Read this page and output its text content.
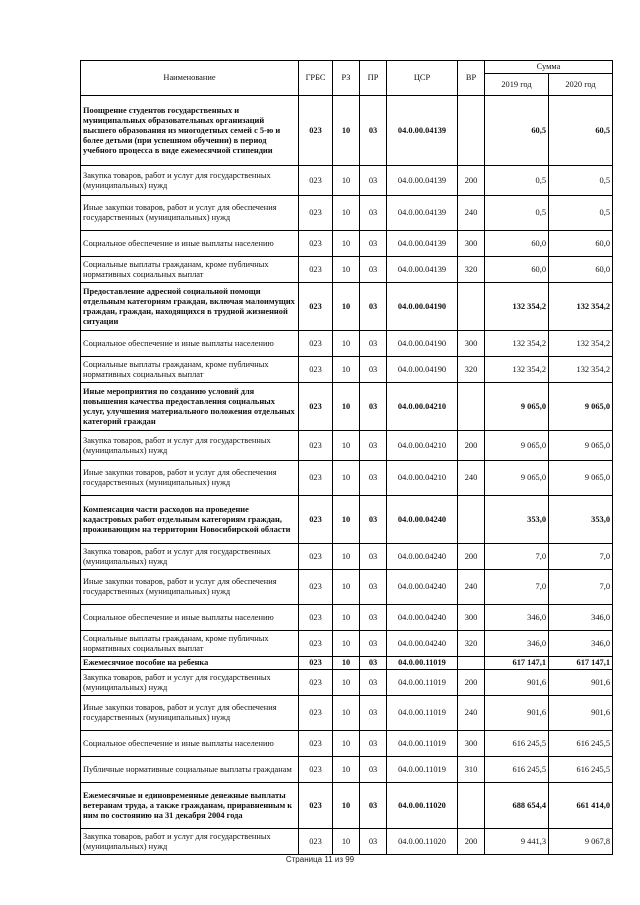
Наименование	ГРБС	РЗ	ПР	ЦСР	ВР	Сумма	
						2019 год	2020 год
Поощрение студентов государственных и муниципальных образовательных организаций высшего образования из многодетных семей с 5-ю и более детьми (при успешном обучении) в период учебного процесса в виде ежемесячной стипендии	023	10	03	04.0.00.04139		60,5	60,5
Закупка товаров, работ и услуг для государственных (муниципальных) нужд	023	10	03	04.0.00.04139	200	0,5	0,5
Иные закупки товаров, работ и услуг для обеспечения государственных (муниципальных) нужд	023	10	03	04.0.00.04139	240	0,5	0,5
Социальное обеспечение и иные выплаты населению	023	10	03	04.0.00.04139	300	60,0	60,0
Социальные выплаты гражданам, кроме публичных нормативных социальных выплат	023	10	03	04.0.00.04139	320	60,0	60,0
Предоставление адресной социальной помощи отдельным категориям граждан, включая малоимущих граждан, граждан, находящихся в трудной жизненной ситуации	023	10	03	04.0.00.04190		132 354,2	132 354,2
Социальное обеспечение и иные выплаты населению	023	10	03	04.0.00.04190	300	132 354,2	132 354,2
Социальные выплаты гражданам, кроме публичных нормативных социальных выплат	023	10	03	04.0.00.04190	320	132 354,2	132 354,2
Иные мероприятия по созданию условий для повышения качества предоставления социальных услуг, улучшения материального положения отдельных категорий граждан	023	10	03	04.0.00.04210		9 065,0	9 065,0
Закупка товаров, работ и услуг для государственных (муниципальных) нужд	023	10	03	04.0.00.04210	200	9 065,0	9 065,0
Иные закупки товаров, работ и услуг для обеспечения государственных (муниципальных) нужд	023	10	03	04.0.00.04210	240	9 065,0	9 065,0
Компенсация части расходов на проведение кадастровых работ отдельным категориям граждан, проживающим на территории Новосибирской области	023	10	03	04.0.00.04240		353,0	353,0
Закупка товаров, работ и услуг для государственных (муниципальных) нужд	023	10	03	04.0.00.04240	200	7,0	7,0
Иные закупки товаров, работ и услуг для обеспечения государственных (муниципальных) нужд	023	10	03	04.0.00.04240	240	7,0	7,0
Социальное обеспечение и иные выплаты населению	023	10	03	04.0.00.04240	300	346,0	346,0
Социальные выплаты гражданам, кроме публичных нормативных социальных выплат	023	10	03	04.0.00.04240	320	346,0	346,0
Ежемесячное пособие на ребенка	023	10	03	04.0.00.11019		617 147,1	617 147,1
Закупка товаров, работ и услуг для государственных (муниципальных) нужд	023	10	03	04.0.00.11019	200	901,6	901,6
Иные закупки товаров, работ и услуг для обеспечения государственных (муниципальных) нужд	023	10	03	04.0.00.11019	240	901,6	901,6
Социальное обеспечение и иные выплаты населению	023	10	03	04.0.00.11019	300	616 245,5	616 245,5
Публичные нормативные социальные выплаты гражданам	023	10	03	04.0.00.11019	310	616 245,5	616 245,5
Ежемесячные и единовременные денежные выплаты ветеранам труда, а также гражданам, приравненным к ним по состоянию на 31 декабря 2004 года	023	10	03	04.0.00.11020		688 654,4	661 414,0
Закупка товаров, работ и услуг для государственных (муниципальных) нужд	023	10	03	04.0.00.11020	200	9 441,3	9 067,8
Страница 11 из 99
